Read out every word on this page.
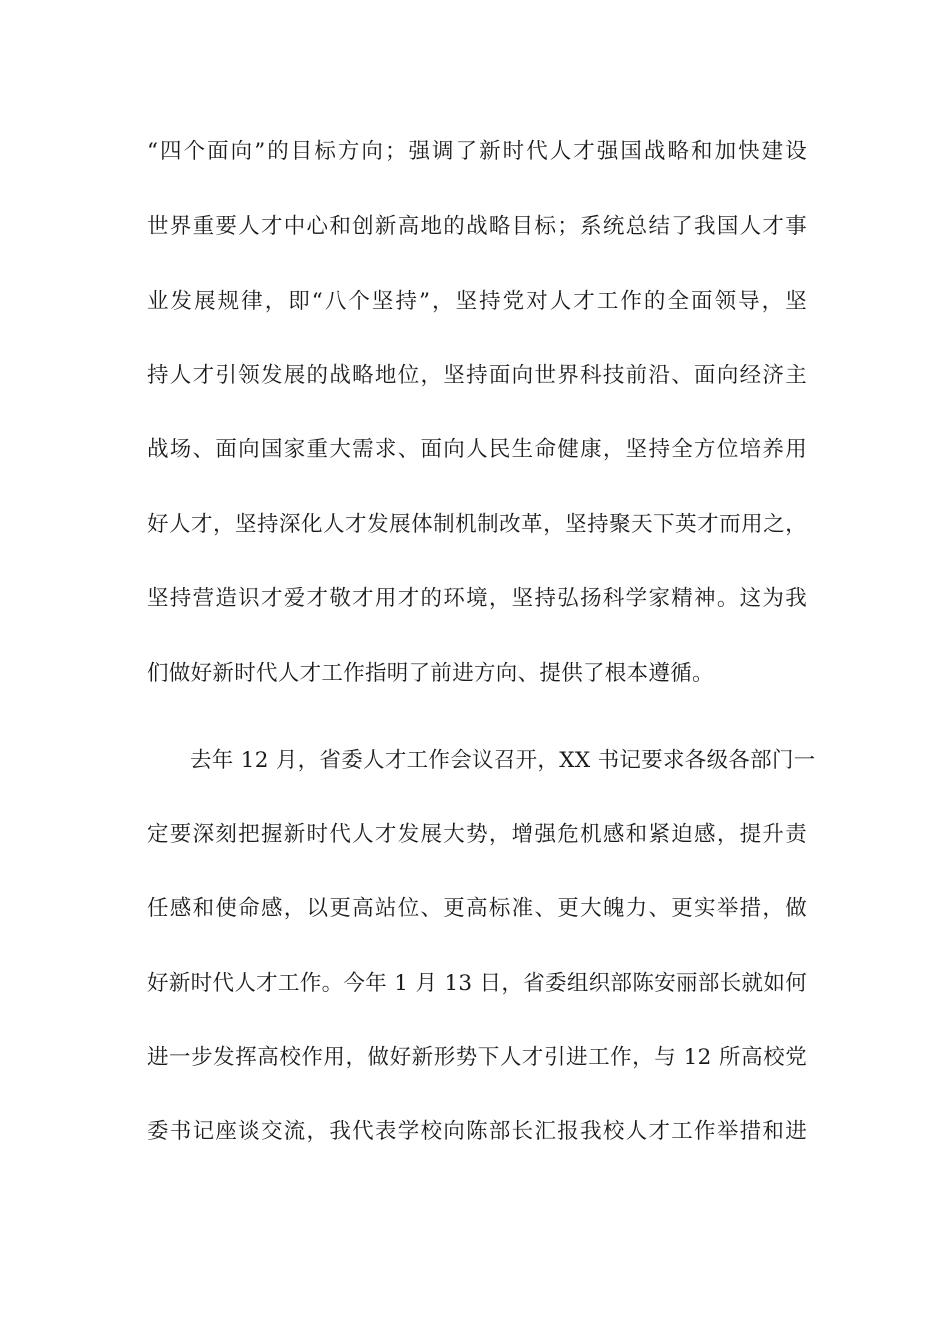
“四个面向”的目标方向；强调了新时代人才强国战略和加快建设
世界重要人才中心和创新高地的战略目标；系统总结了我国人才事
业发展规律，即“八个坚持”，坚持党对人才工作的全面领导，坚
持人才引领发展的战略地位，坚持面向世界科技前沿、面向经济主
战场、面向国家重大需求、面向人民生命健康，坚持全方位培养用
好人才，坚持深化人才发展体制机制改革，坚持聚天下英才而用之，
坚持营造识才爱才敬才用才的环境，坚持弘扬科学家精神。这为我
们做好新时代人才工作指明了前进方向、提供了根本遵循。
去年 12 月，省委人才工作会议召开，XX 书记要求各级各部门一
定要深刻把握新时代人才发展大势，增强危机感和紧迫感，提升责
任感和使命感，以更高站位、更高标准、更大魄力、更实举措，做
好新时代人才工作。今年 1 月 13 日，省委组织部陈安丽部长就如何
进一步发挥高校作用，做好新形势下人才引进工作，与 12 所高校党
委书记座谈交流，我代表学校向陈部长汇报我校人才工作举措和进
